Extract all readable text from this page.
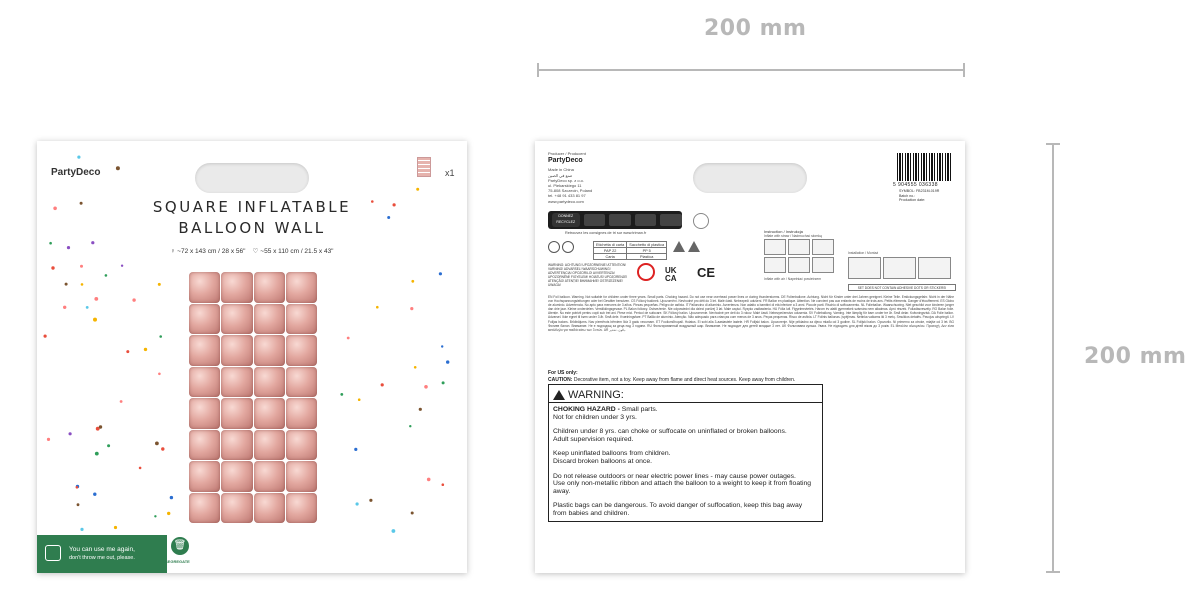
200 mm
200 mm
PartyDeco	x1
SQUARE INFLATABLE
BALLOON WALL
♀ ~72 x 143 cm / 28 x 56" ♡ ~55 x 110 cm / 21.5 x 43"
You can use me again,
don't throw me out, please.
🗑
SEGREGATE
Producer / Producent
PartyDeco
Made in China
صنع في الصين
PartyDeco sp. z o.o.
ul. Piekarskiego 11
75-808 Szczecin, Poland
tel. +48 91 433 81 97
www.partydeco.com
5 904555 036338
SYMBOL: FB231M-019R
Batch no.:
Production date:
DONNEZ
RECYCLEZ
Retrouvez les consignes de tri sur www.triman.fr
Etichetta di carta	Sacchetto di plastica
PAP 22	PP 5
Carta	Plastica
WARNING: ACHTUNG! UPOZORNENIE! ATTENTION! VARNING! ADVARSEL! WAARSCHUWING! ADVERTENCIA! OPOZORILO! AVVERTENZA! UPOZORNĚNÍ! FIGYELEM! HOIATUS! UPOZORENJE! ATENÇÃO! ATENȚIE! ВНИМАНИЕ! OSTRZEŻENIE! UWAGA!
UK
CA CE
Instruction / Instrukcja
Inflate with straw / Nadmuchać słomką
Inflate with air / Napełniać powietrzem
Installation / Montaż
SET DOES NOT CONTAIN ADHESIVE DOTS OR STICKERS!
EN Foil balloon. Warning. Not suitable for children under three years. Small parts. Choking hazard. Do not use near overhead power lines or during thunderstorms. DE Folienballone. Achtung. Nicht für Kinder unter drei Jahren geeignet. Kleine Teile. Erstickungsgefahr. Nicht in der Nähe von Hochspannungsleitungen oder bei Gewitter benutzen. CS Fóliový balónek. Upozornění. Nevhodné pro děti do 3 let. Malé části. Nebezpečí udušení. FR Ballon en plastique. Attention. Ne convient pas aux enfants de moins de trois ans. Petits éléments. Danger d'étouffement. ES Globo de aluminio. Advertencia. No apto para menores de 3 años. Piezas pequeñas. Peligro de asfixia. IT Palloncino di alluminio. Avvertenza. Non adatto a bambini di età inferiore a 3 anni. Piccole parti. Rischio di soffocamento. NL Folieballon. Waarschuwing. Niet geschikt voor kinderen jonger dan drie jaar. Kleine onderdelen. Verstikkingsgevaar. PL Balon foliowy. Ostrzeżenie. Nie odpowiedni dla dzieci poniżej 3 lat. Małe części. Ryzyko zadławienia. HU Fólia lufi. Figyelmeztetés. Három év alatti gyermekek számára nem alkalmas. Apró részek. Fulladásveszély. RO Balon folie. Atenție. Nu este potrivit pentru copii sub trei ani. Piese mici. Pericol de sufocare. SK Fóliový balón. Upozornenie. Nevhodné pre deti do 3 rokov. Malé časti. Nebezpečenstvo udusenia. SV Folieballong. Varning. Inte lämplig för barn under tre år. Små delar. Kvävningsrisk. DA Folie ballon. Advarsel. Ikke egnet til børn under 3 år. Små dele. Kvælningsfare. PT Balão de alumínio. Atenção. Não adequado para crianças com menos de 3 anos. Peças pequenas. Risco de asfixia. LT Folinis balionas. Įspėjimas. Netinka vaikams iki 3 metų. Smulkios detalės. Pavojus užspringti. LV Folijas balons. Brīdinājums. Nav piemērots bērniem līdz 3 gadu vecumam. ET Fooliumõhupall. Hoiatus. Ei sobi alla 3-aastastele lastele. HR Folijski balon. Upozorenje. Nije prikladno za djecu mlađu od 3 godine. SL Folijski balon. Opozorilo. Ni primerno za otroke, mlajše od 3 let. BG Фолиев балон. Внимание. Не е подходящ за деца под 3 години. RU Фольгированный воздушный шар. Внимание. Не подходит для детей младше 3 лет. UK Фольгована кулька. Увага. Не підходить для дітей віком до 3 років. EL Μπαλόνι αλουμινίου. Προσοχή. Δεν είναι κατάλληλο για παιδιά κάτω των 3 ετών. AR بالون. تحذير.
For US only:
CAUTION: Decorative item, not a toy. Keep away from flame and direct heat sources. Keep away from children.
WARNING:
CHOKING HAZARD - Small parts.
Not for children under 3 yrs.
Children under 8 yrs. can choke or suffocate on uninflated or broken balloons.
Adult supervision required.
Keep uninflated balloons from children.
Discard broken balloons at once.
Do not release outdoors or near electric power lines - may cause power outages.
Use only non-metallic ribbon and attach the balloon to a weight to keep it from floating away.
Plastic bags can be dangerous. To avoid danger of suffocation, keep this bag away
from babies and children.
